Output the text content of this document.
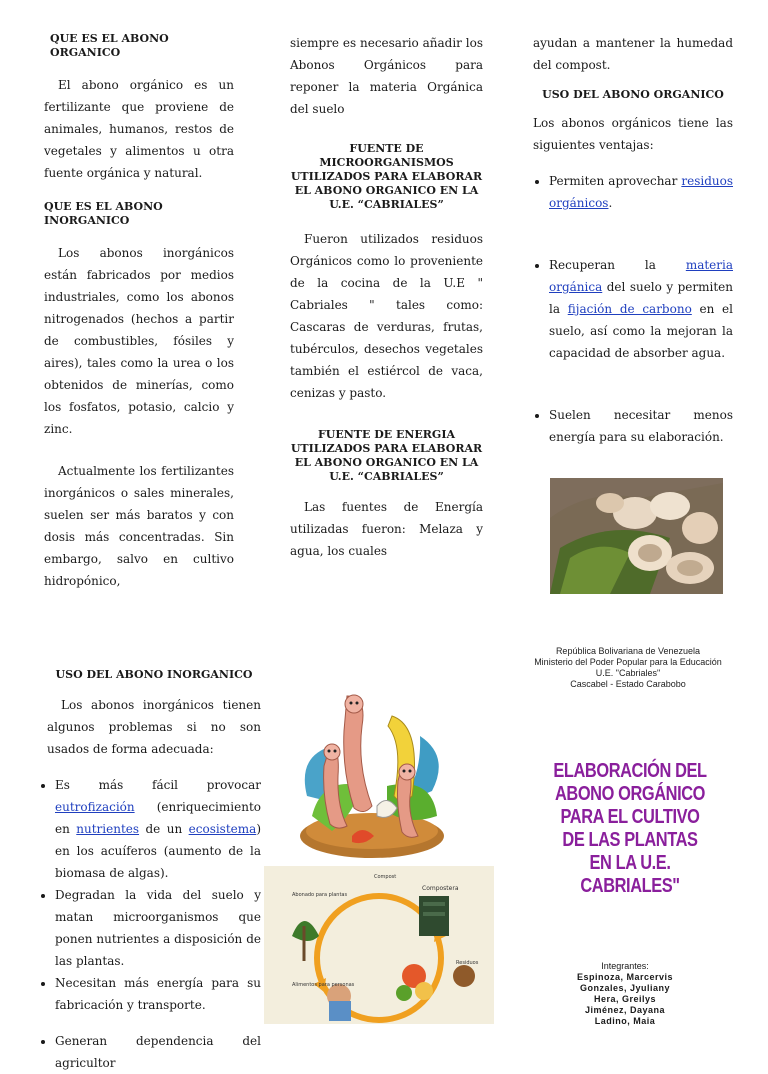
QUE ES EL ABONO ORGANICO

El abono orgánico es un fertilizante que proviene de animales, humanos, restos de vegetales y alimentos u otra fuente orgánica y natural.

QUE ES EL ABONO INORGANICO

Los abonos inorgánicos están fabricados por medios industriales, como los abonos nitrogenados (hechos a partir de combustibles, fósiles y aires), tales como la urea o los obtenidos de minerías, como los fosfatos, potasio, calcio y zinc.

Actualmente los fertilizantes inorgánicos o sales minerales, suelen ser más baratos y con dosis más concentradas. Sin embargo, salvo en cultivo hidropónico,

siempre es necesario añadir los Abonos Orgánicos para reponer la materia Orgánica del suelo

FUENTE DE MICROORGANISMOS UTILIZADOS PARA ELABORAR EL ABONO ORGANICO EN LA U.E. “CABRIALES”

Fueron utilizados residuos Orgánicos como lo proveniente de la cocina de la U.E " Cabriales " tales como: Cascaras de verduras, frutas, tubérculos, desechos vegetales también el estiércol de vaca, cenizas y pasto.

FUENTE DE ENERGIA UTILIZADOS PARA ELABORAR EL ABONO ORGANICO EN LA U.E. “CABRIALES”

Las fuentes de Energía utilizadas fueron: Melaza y agua, los cuales

ayudan a mantener la humedad del compost.

USO DEL ABONO ORGANICO

Los abonos orgánicos tiene las siguientes ventajas:

• Permiten aprovechar residuos orgánicos.
• Recuperan la materia orgánica del suelo y permiten la fijación de carbono en el suelo, así como la mejoran la capacidad de absorber agua.
• Suelen necesitar menos energía para su elaboración.

USO DEL ABONO INORGANICO

Los abonos inorgánicos tienen algunos problemas si no son usados de forma adecuada:

• Es más fácil provocar eutrofización (enriquecimiento en nutrientes de un ecosistema) en los acuíferos (aumento de la biomasa de algas).
• Degradan la vida del suelo y matan microorganismos que ponen nutrientes a disposición de las plantas.
• Necesitan más energía para su fabricación y transporte.
• Generan dependencia del agricultor
Compost
Compostera
Abonado para plantas
Alimentos para personas
Residuos
República Bolivariana de Venezuela
Ministerio del Poder Popular para la Educación
U.E. "Cabriales"
Cascabel - Estado Carabobo
ELABORACIÓN DEL
ABONO ORGÁNICO
PARA EL CULTIVO
DE LAS PLANTAS
EN LA U.E. CABRIALES"
Integrantes:
Espinoza, Marcervis
Gonzales, Jyuliany
Hera, Greilys
Jiménez, Dayana
Ladino, Maia
